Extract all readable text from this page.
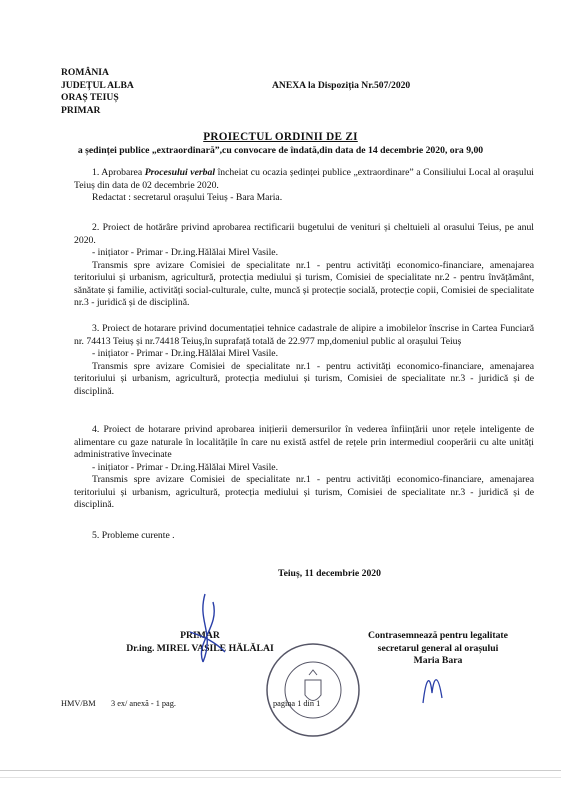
ROMÂNIA
JUDEȚUL ALBA
ORAȘ TEIUȘ
PRIMAR
ANEXA la Dispoziția Nr.507/2020
PROIECTUL ORDINII DE ZI
a ședinței publice „extraordinară”,cu convocare de îndată,din data de 14 decembrie 2020, ora 9,00

1. Aprobarea Procesului verbal încheiat cu ocazia ședinței publice „extraordinare” a Consiliului Local al orașului Teiuș din data de 02 decembrie 2020.

Redactat : secretarul orașului Teiuș - Bara Maria.

2. Proiect de hotărâre privind aprobarea rectificarii bugetului de venituri și cheltuieli al orasului Teius, pe anul 2020.

- inițiator - Primar - Dr.ing.Hălălai Mirel Vasile.

Transmis spre avizare Comisiei de specialitate nr.1 - pentru activități economico-financiare, amenajarea teritoriului și urbanism, agricultură, protecția mediului și turism, Comisiei de specialitate nr.2 - pentru învățământ, sănătate și familie, activități social-culturale, culte, muncă și protecție socială, protecție copii, Comisiei de specialitate nr.3 - juridică și de disciplină.

3. Proiect de hotarare privind documentației tehnice cadastrale de alipire a imobilelor înscrise in Cartea Funciară nr. 74413 Teiuș și nr.74418 Teiuș,în suprafață totală de 22.977 mp,domeniul public al orașului Teiuș

- inițiator - Primar - Dr.ing.Hălălai Mirel Vasile.

Transmis spre avizare Comisiei de specialitate nr.1 - pentru activități economico-financiare, amenajarea teritoriului și urbanism, agricultură, protecția mediului și turism, Comisiei de specialitate nr.3 - juridică și de disciplină.

4. Proiect de hotarare privind aprobarea inițierii demersurilor în vederea înființării unor rețele inteligente de alimentare cu gaze naturale în localitățile în care nu există astfel de rețele prin intermediul cooperării cu alte unități administrative învecinate

- inițiator - Primar - Dr.ing.Hălălai Mirel Vasile.

Transmis spre avizare Comisiei de specialitate nr.1 - pentru activități economico-financiare, amenajarea teritoriului și urbanism, agricultură, protecția mediului și turism, Comisiei de specialitate nr.3 - juridică și de disciplină.

5. Probleme curente .

Teiuș, 11 decembrie 2020
PRIMAR
Dr.ing. MIREL VASILE HĂLĂLAI
Contrasemnează pentru legalitate
secretarul general al orașului
Maria Bara
HMV/BM 3 ex/ anexă - 1 pag.	pagina 1 din 1
